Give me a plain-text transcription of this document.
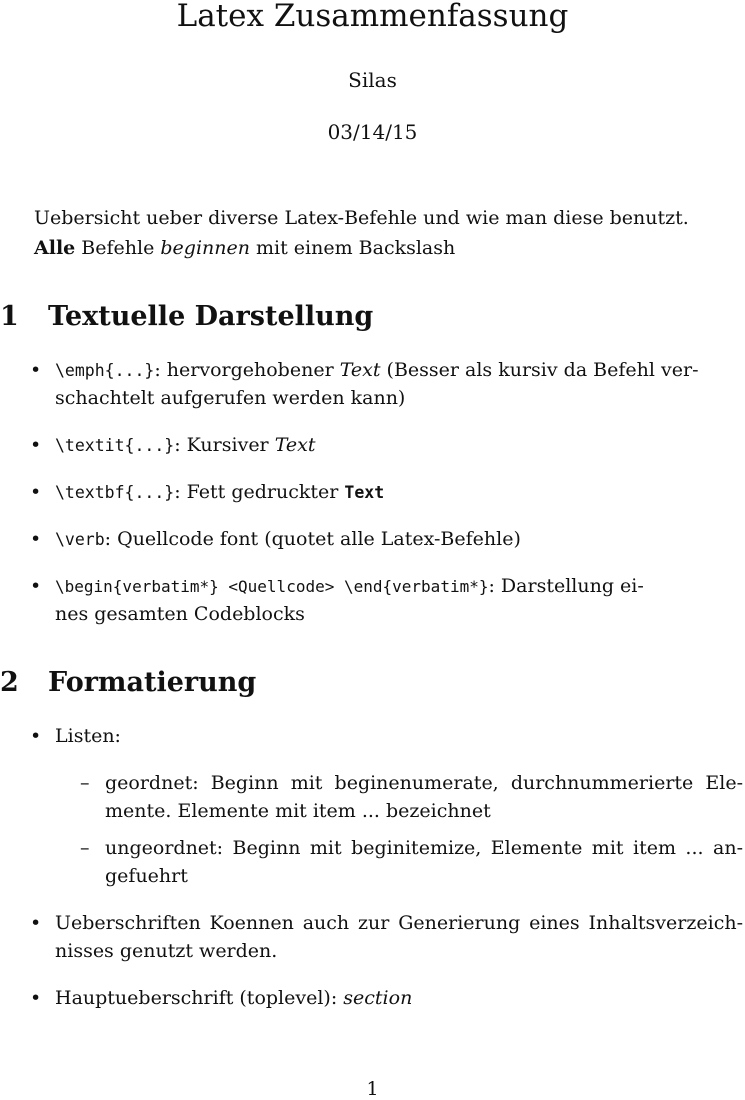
Latex Zusammenfassung
Silas
03/14/15
Uebersicht ueber diverse Latex-Befehle und wie man diese benutzt.
Alle Befehle beginnen mit einem Backslash
1 Textuelle Darstellung
• \emph{...}: hervorgehobener Text (Besser als kursiv da Befehl ver-
schachtelt aufgerufen werden kann)
• \textit{...}: Kursiver Text
• \textbf{...}: Fett gedruckter Text
• \verb: Quellcode font (quotet alle Latex-Befehle)
• \begin{verbatim*} <Quellcode> \end{verbatim*}: Darstellung ei-
nes gesamten Codeblocks
2 Formatierung
• Listen:
– geordnet: Beginn mit beginenumerate, durchnummerierte Ele-
mente. Elemente mit item ... bezeichnet
– ungeordnet: Beginn mit beginitemize, Elemente mit item ... an-
gefuehrt
• Ueberschriften Koennen auch zur Generierung eines Inhaltsverzeich-
nisses genutzt werden.
• Hauptueberschrift (toplevel): section
1
